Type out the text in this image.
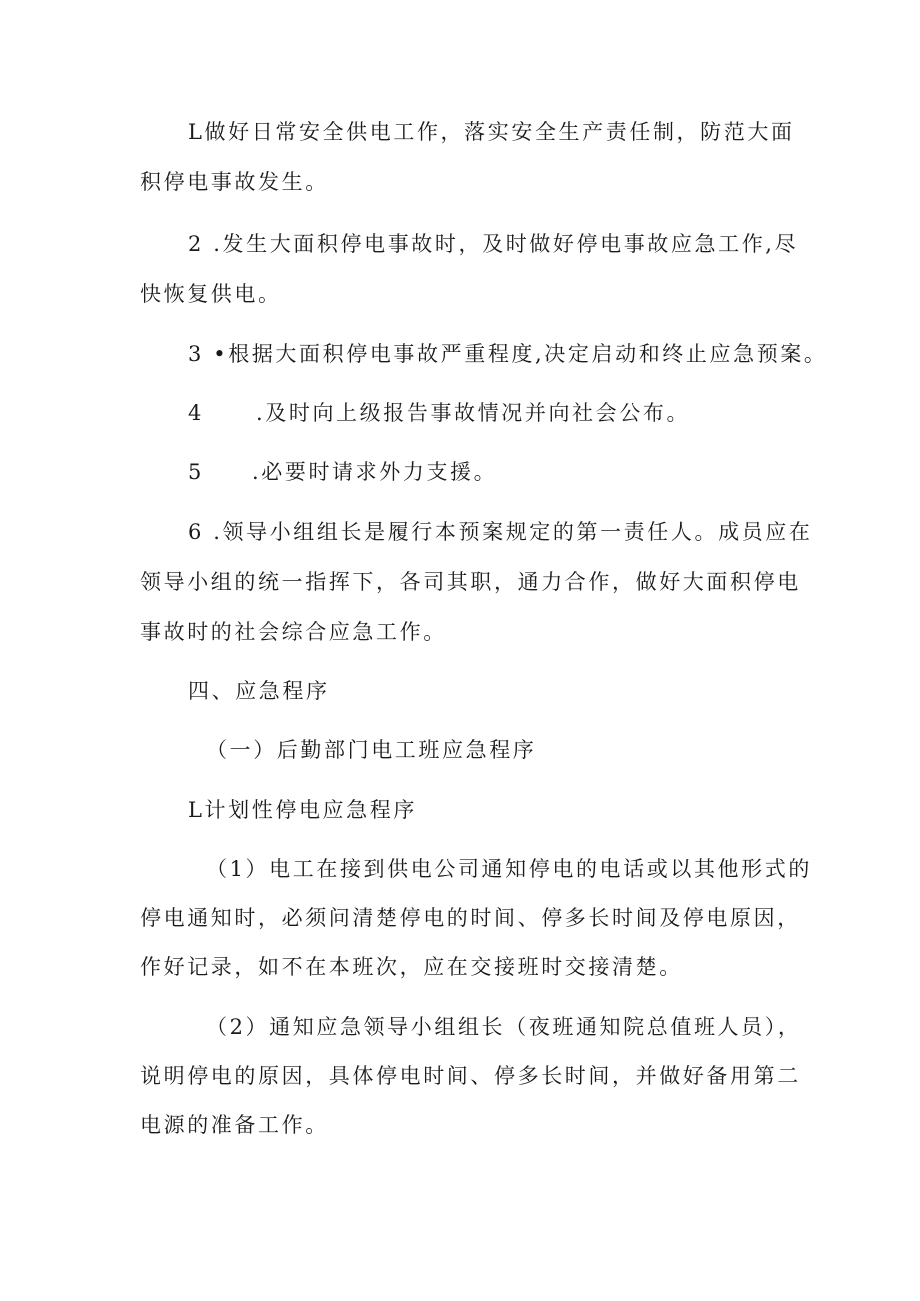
L做好日常安全供电工作，落实安全生产责任制，防范大面
积停电事故发生。
2 .发生大面积停电事故时，及时做好停电事故应急工作,尽
快恢复供电。
3 •根据大面积停电事故严重程度,决定启动和终止应急预案。
4 .及时向上级报告事故情况并向社会公布。
5 .必要时请求外力支援。
6 .领导小组组长是履行本预案规定的第一责任人。成员应在
领导小组的统一指挥下，各司其职，通力合作，做好大面积停电
事故时的社会综合应急工作。
四、应急程序
（一）后勤部门电工班应急程序
L计划性停电应急程序
（1）电工在接到供电公司通知停电的电话或以其他形式的
停电通知时，必须问清楚停电的时间、停多长时间及停电原因，
作好记录，如不在本班次，应在交接班时交接清楚。
（2）通知应急领导小组组长（夜班通知院总值班人员），
说明停电的原因，具体停电时间、停多长时间，并做好备用第二
电源的准备工作。
